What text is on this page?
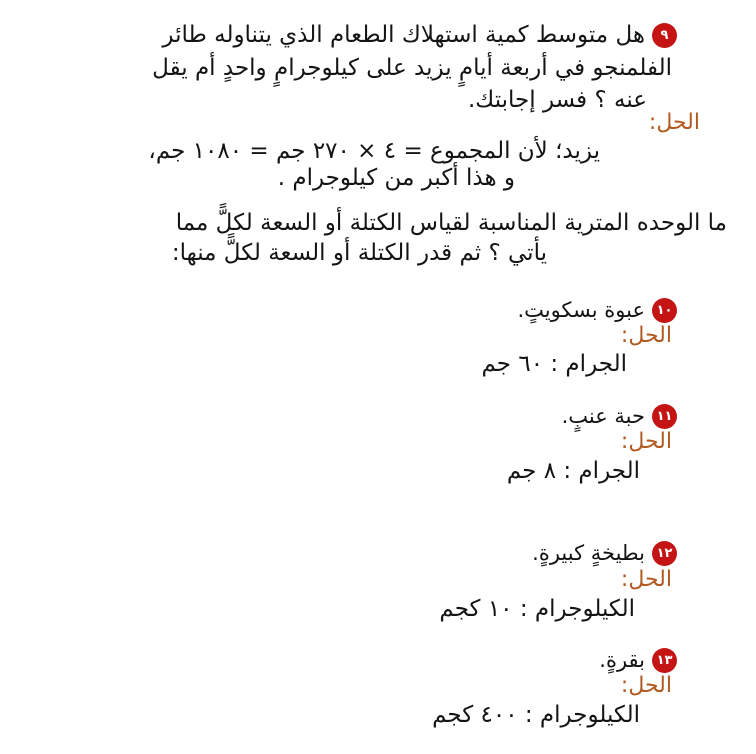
٩
هل متوسط كمية استهلاك الطعام الذي يتناوله طائر
الفلمنجو في أربعة أيامٍ يزيد على كيلوجرامٍ واحدٍ أم يقل
عنه ؟ فسر إجابتك.
الحل:
يزيد؛ لأن المجموع = ٤ × ٢٧٠ جم = ١٠٨٠ جم،
و هذا أكبر من كيلوجرام .
ما الوحده المترية المناسبة لقياس الكتلة أو السعة لكلًّ مما
يأتي ؟ ثم قدر الكتلة أو السعة لكلًّ منها:
١٠
عبوة بسكويتٍ.
الحل:
الجرام : ٦٠ جم
١١
حبة عنبٍ.
الحل:
الجرام : ٨ جم
١٢
بطيخةٍ كبيرةٍ.
الحل:
الكيلوجرام : ١٠ كجم
١٣
بقرةٍ.
الحل:
الكيلوجرام : ٤٠٠ كجم
